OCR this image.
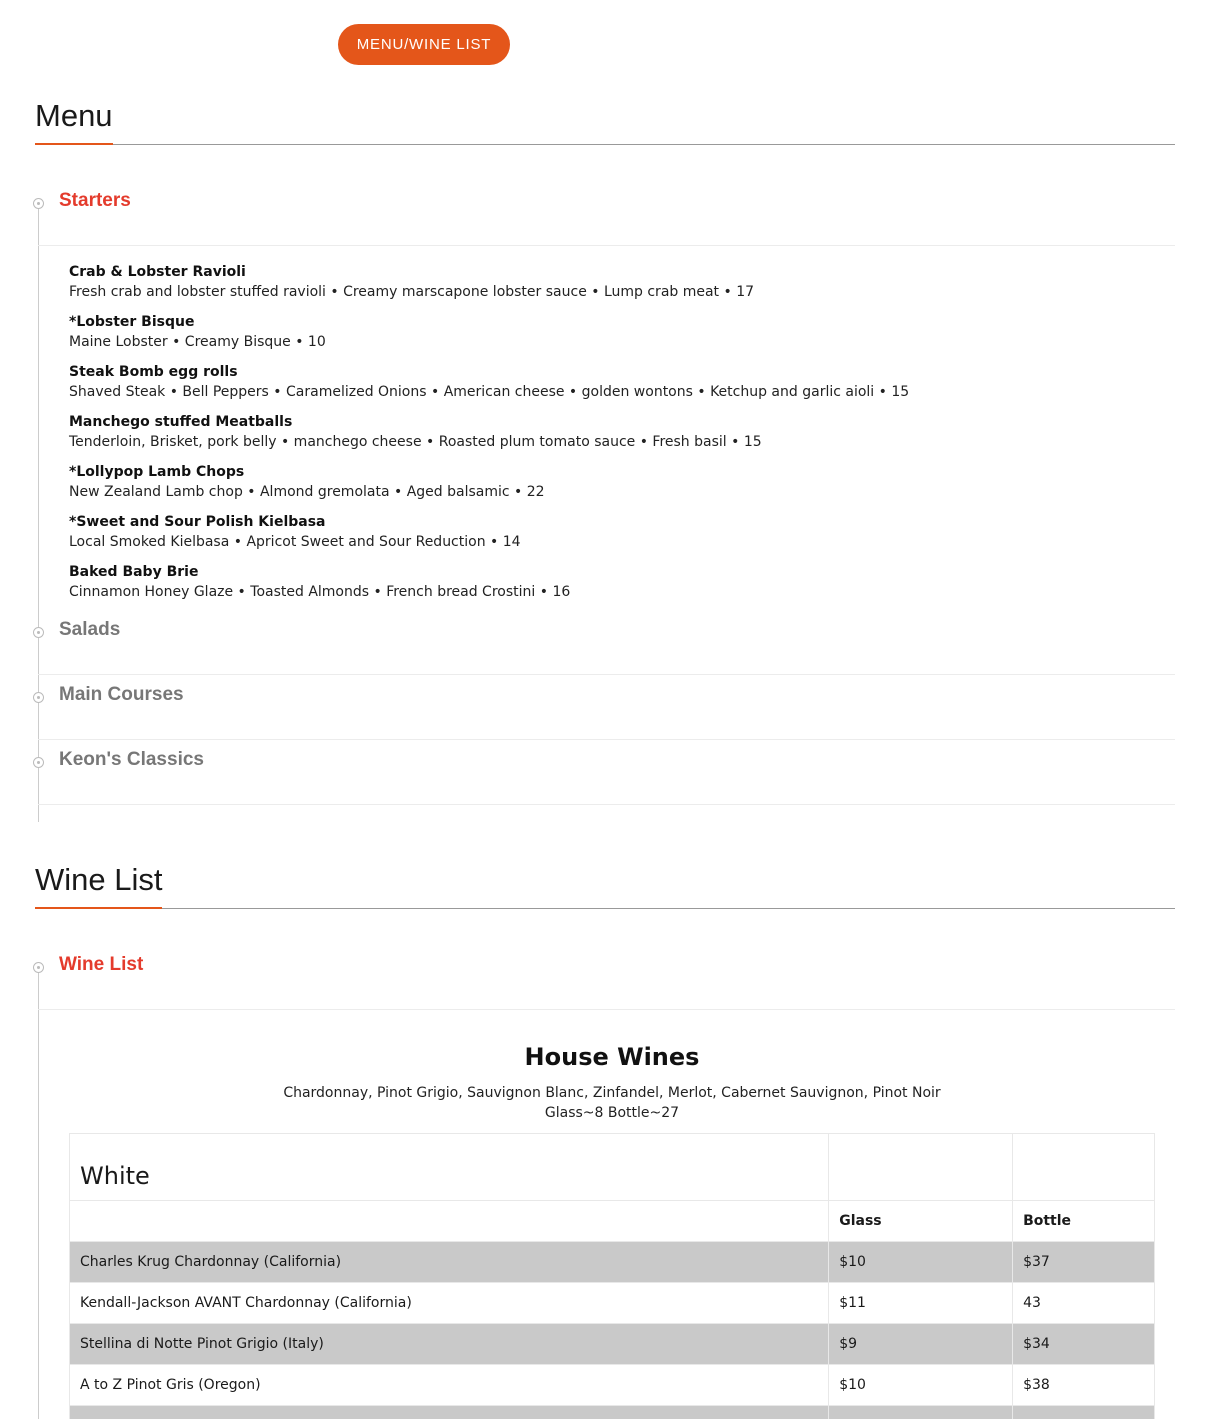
MENU/WINE LIST
Menu
Starters
Crab & Lobster Ravioli
Fresh crab and lobster stuffed ravioli • Creamy marscapone lobster sauce • Lump crab meat • 17
*Lobster Bisque
Maine Lobster • Creamy Bisque • 10
Steak Bomb egg rolls
Shaved Steak • Bell Peppers • Caramelized Onions • American cheese • golden wontons • Ketchup and garlic aioli • 15
Manchego stuffed Meatballs
Tenderloin, Brisket, pork belly • manchego cheese • Roasted plum tomato sauce • Fresh basil • 15
*Lollypop Lamb Chops
New Zealand Lamb chop • Almond gremolata • Aged balsamic • 22
*Sweet and Sour Polish Kielbasa
Local Smoked Kielbasa • Apricot Sweet and Sour Reduction • 14
Baked Baby Brie
Cinnamon Honey Glaze • Toasted Almonds • French bread Crostini • 16
Salads
Main Courses
Keon's Classics
Wine List
Wine List
House Wines

Chardonnay, Pinot Grigio, Sauvignon Blanc, Zinfandel, Merlot, Cabernet Sauvignon, Pinot Noir

Glass~8 Bottle~27

White		
	Glass	Bottle
Charles Krug Chardonnay (California)	$10	$37
Kendall-Jackson AVANT Chardonnay (California)	$11	43
Stellina di Notte Pinot Grigio (Italy)	$9	$34
A to Z Pinot Gris (Oregon)	$10	$38
